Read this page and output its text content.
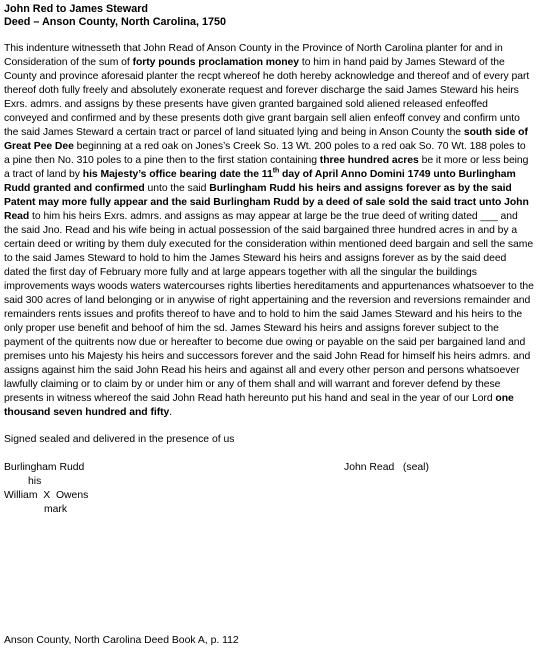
John Red to James Steward
Deed – Anson County, North Carolina, 1750
This indenture witnesseth that John Read of Anson County in the Province of North Carolina planter for and in Consideration of the sum of forty pounds proclamation money to him in hand paid by James Steward of the County and province aforesaid planter the recpt whereof he doth hereby acknowledge and thereof and of every part thereof doth fully freely and absolutely exonerate request and forever discharge the said James Steward his heirs Exrs. admrs. and assigns by these presents have given granted bargained sold aliened released enfeoffed conveyed and confirmed and by these presents doth give grant bargain sell alien enfeoff convey and confirm unto the said James Steward a certain tract or parcel of land situated lying and being in Anson County the south side of Great Pee Dee beginning at a red oak on Jones’s Creek So. 13 Wt. 200 poles to a red oak So. 70 Wt. 188 poles to a pine then No. 310 poles to a pine then to the first station containing three hundred acres be it more or less being a tract of land by his Majesty’s office bearing date the 11th day of April Anno Domini 1749 unto Burlingham Rudd granted and confirmed unto the said Burlingham Rudd his heirs and assigns forever as by the said Patent may more fully appear and the said Burlingham Rudd by a deed of sale sold the said tract unto John Read to him his heirs Exrs. admrs. and assigns as may appear at large be the true deed of writing dated ___ and the said Jno. Read and his wife being in actual possession of the said bargained three hundred acres in and by a certain deed or writing by them duly executed for the consideration within mentioned deed bargain and sell the same to the said James Steward to hold to him the James Steward his heirs and assigns forever as by the said deed dated the first day of February more fully and at large appears together with all the singular the buildings improvements ways woods waters watercourses rights liberties hereditaments and appurtenances whatsoever to the said 300 acres of land belonging or in anywise of right appertaining and the reversion and reversions remainder and remainders rents issues and profits thereof to have and to hold to him the said James Steward and his heirs to the only proper use benefit and behoof of him the sd. James Steward his heirs and assigns forever subject to the payment of the quitrents now due or hereafter to become due owing or payable on the said per bargained land and premises unto his Majesty his heirs and successors forever and the said John Read for himself his heirs admrs. and assigns against him the said John Read his heirs and against all and every other person and persons whatsoever lawfully claiming or to claim by or under him or any of them shall and will warrant and forever defend by these presents in witness whereof the said John Read hath hereunto put his hand and seal in the year of our Lord one thousand seven hundred and fifty.
Signed sealed and delivered in the presence of us
Burlingham Rudd
his
William  X  Owens
mark
John Read   (seal)
Anson County, North Carolina Deed Book A, p. 112
